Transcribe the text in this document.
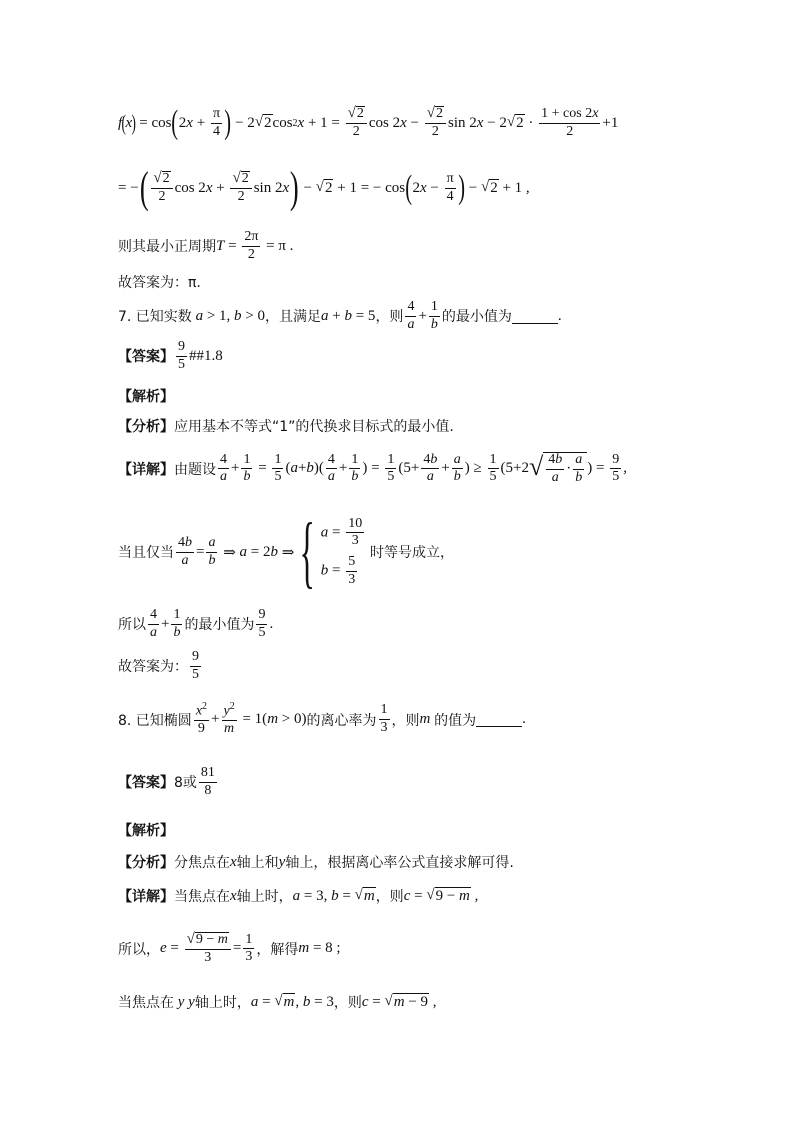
f ( x ) = cos ( 2 $x + \frac{\pi}{4}$ ) − 2 √ 2 cos 2 $x + 1 = \frac{√ 2}{2}$ cos 2 $x - \frac{√ 2}{2}$ sin 2 x − 2 √ $2 \cdot \frac{1 + \cos 2x}{2} +1$
= − ( $\frac{√ 2}{2}$ cos 2 $x + \frac{√ 2}{2}$ sin 2 x ) − √ 2 + 1 = − cos ( 2 $x - \frac{\pi}{4}$ ) − √ 2 + 1 ,
则其最小正周期 $T = \frac{2\pi}{2} = \pi$ .
故答案为：π.
7. 已知实数
a > 1, b > 0 ，且满足 a + b = 5 ，则 $\frac{4}{a} + \frac{1}{b}$ 的最小值为	.
【答案】 $\frac{9}{5}$ ##1.8
【解析】
【分析】 应用基本不等式“1”的代换求目标式的最小值.
【详解】 由题设 $\frac{4}{a} + \frac{1}{b} = \frac{1}{5}$ ( a + b )( $\frac{4}{a} + \frac{1}{b}$ ) = $\frac{1}{5} (5+ \frac{4b}{a} + \frac{a}{b}$ ) ≥ $\frac{1}{5} (5+2$ √ $\frac{4b}{a} \cdot \frac{a}{b}$ ) = $\frac{9}{5}$ ,
当且仅当 $\frac{4b}{a} = \frac{a}{b}$ ⇒ a = 2 b ⇒ { $a = \frac{10}{3}$
$b = \frac{5}{3}$

时等号成立，
所以 $\frac{4}{a} + \frac{1}{b}$ 的最小值为 $\frac{9}{5}$ .
故答案为： $\frac{9}{5}$
8. 已知椭圆 $\frac{x^2}{9} + \frac{y^2}{m} = 1$( m > 0) 的离心率为 $\frac{1}{3}$ ，则 m
的值为	.
【答案】 8或 $\frac{81}{8}$
【解析】
【分析】 分焦点在 x 轴上和 y 轴上，根据离心率公式直接求解可得.
【详解】 当焦点在 x 轴上时， a = 3, b = √ m ，则 c = √ 9 − m ,
所以， $e = \frac{√ 9 - m}{3} = \frac{1}{3}$ ，解得 m = 8 ;
当焦点在
y
y 轴上时， a = √ m , b = 3 ，则 c = √ m − 9 ,
